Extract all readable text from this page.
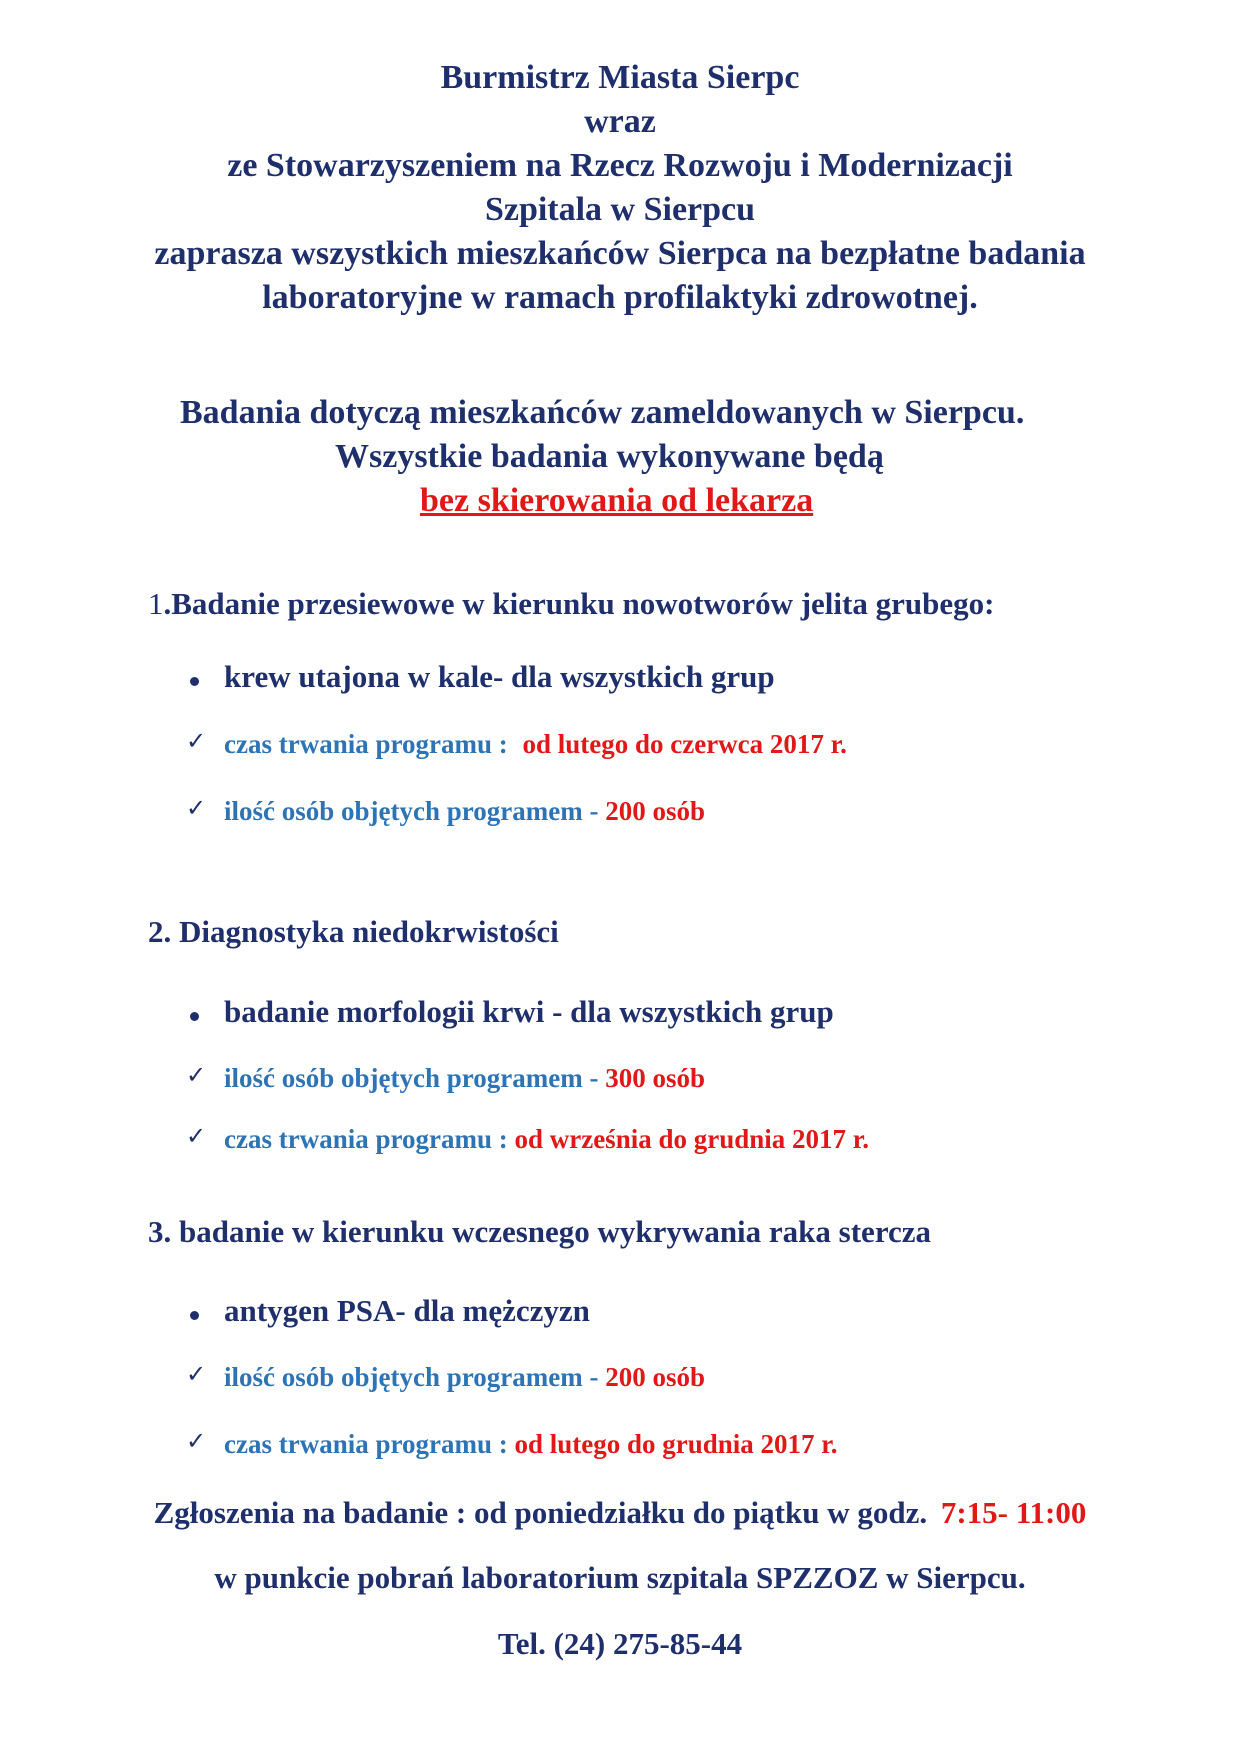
Burmistrz Miasta Sierpc
wraz
ze Stowarzyszeniem na Rzecz Rozwoju i Modernizacji
Szpitala w Sierpcu
zaprasza wszystkich mieszkańców Sierpca na bezpłatne badania
laboratoryjne w ramach profilaktyki zdrowotnej.
Badania dotyczą mieszkańców zameldowanych w Sierpcu.
Wszystkie badania wykonywane będą
bez skierowania od lekarza
1.Badanie przesiewowe w kierunku nowotworów jelita grubego:
krew utajona w kale- dla wszystkich grup
✓ czas trwania programu : od lutego do czerwca 2017 r.
✓ ilość osób objętych programem - 200 osób
2. Diagnostyka niedokrwistości
badanie morfologii krwi - dla wszystkich grup
✓ ilość osób objętych programem - 300 osób
✓ czas trwania programu : od września do grudnia 2017 r.
3. badanie w kierunku wczesnego wykrywania raka stercza
antygen PSA- dla mężczyzn
✓ ilość osób objętych programem - 200 osób
✓ czas trwania programu : od lutego do grudnia 2017 r.
Zgłoszenia na badanie : od poniedziałku do piątku w godz. 7:15- 11:00
w punkcie pobrań laboratorium szpitala SPZZOZ w Sierpcu.
Tel. (24) 275-85-44
